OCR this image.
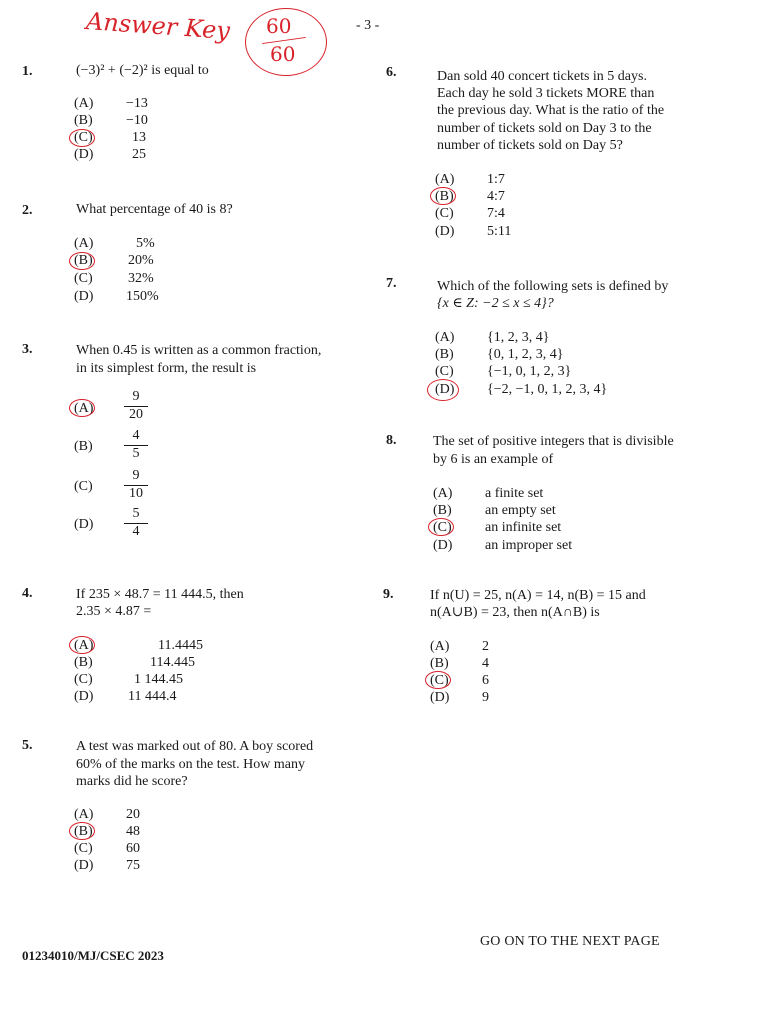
Answer Key 60
60
- 3 -
1.	(−3)² + (−2)² is equal to
(A) −13
(B) −10
(C)	13
(D)	25
2.	What percentage of 40 is 8?
(A)	5%
(B)	20%
(C)	32%
(D) 150%
3.	When 0.45 is written as a common fraction,
in its simplest form, the result is
$(A) \frac{9}{20}$
$(B) \frac{4}{5}$
$(C) \frac{9}{10}$
$(D) \frac{5}{4}$
4.	If 235 × 48.7 = 11 444.5, then
2.35 × 4.87 =
(A)	11.4445
(B)	114.445
(C)	1 144.45
(D) 11 444.4
5.	A test was marked out of 80. A boy scored
60% of the marks on the test. How many
marks did he score?
(A) 20
(B) 48
(C) 60
(D) 75
6.	Dan sold 40 concert tickets in 5 days.
Each day he sold 3 tickets MORE than
the previous day. What is the ratio of the
number of tickets sold on Day 3 to the
number of tickets sold on Day 5?
(A) 1:7
(B) 4:7
(C) 7:4
(D) 5:11
7.	Which of the following sets is defined by
{x ∈ Z: −2 ≤ x ≤ 4}?
(A) {1, 2, 3, 4}
(B) {0, 1, 2, 3, 4}
(C) {−1, 0, 1, 2, 3}
(D) {−2, −1, 0, 1, 2, 3, 4}
8.	The set of positive integers that is divisible
by 6 is an example of
(A) a finite set
(B) an empty set
(C) an infinite set
(D) an improper set
9.	If n(U) = 25, n(A) = 14, n(B) = 15 and
n(A∪B) = 23, then n(A∩B) is
(A) 2
(B) 4
(C) 6
(D) 9
01234010/MJ/CSEC 2023
GO ON TO THE NEXT PAGE
